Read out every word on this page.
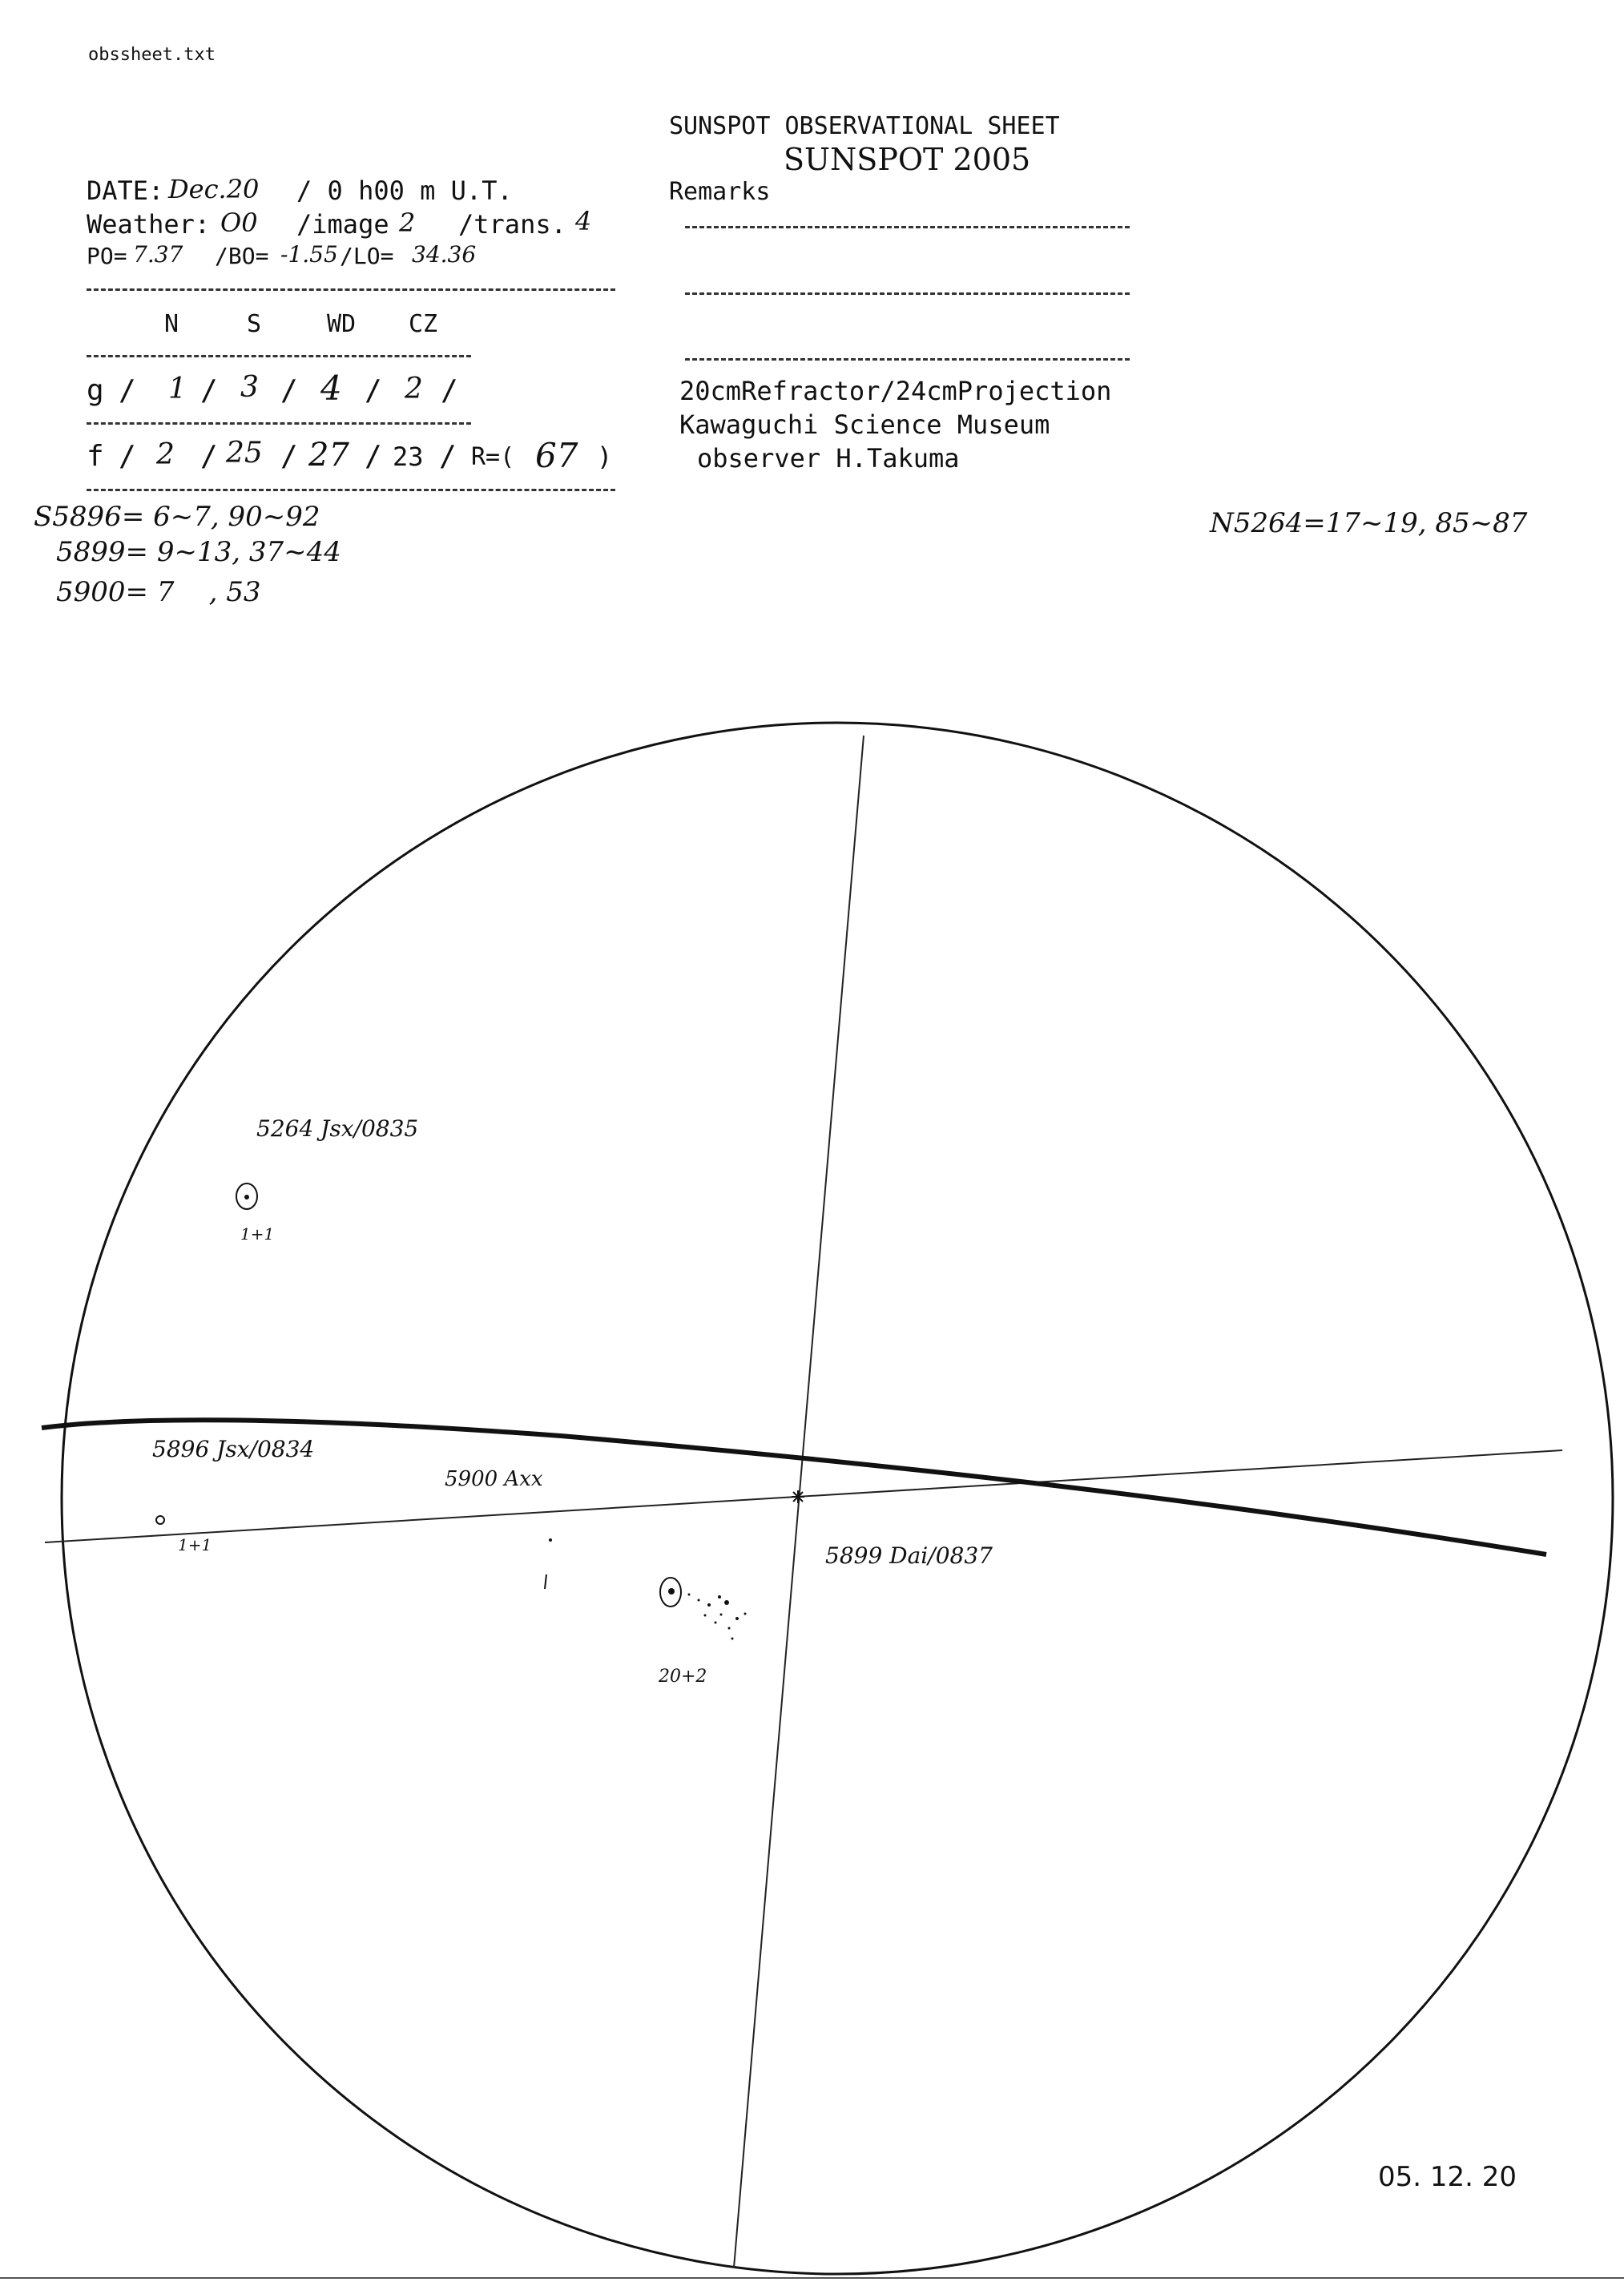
obssheet.txt
SUNSPOT OBSERVATIONAL SHEET
SUNSPOT 2005
DATE: Dec.20 / 0 h00 m U.T.
Weather: O0 /image 2 /trans. 4
PO= 7.37 /BO= -1.55 /LO= 34.36
N	S	WD CZ
g / 1 / 3 / 4 / 2 /
f / 2 / 25 / 27 / 23 / R=( 67 )
Remarks
20cmRefractor/24cmProjection
Kawaguchi Science Museum
observer H.Takuma
S5896= 6~7, 90~92
5899= 9~13, 37~44
5900= 7    , 53
N5264=17~19, 85~87
5264 Jsx/0835
1+1
5896 Jsx/0834
1+1
5900 Axx
5899 Dai/0837
20+2
05. 12. 20
